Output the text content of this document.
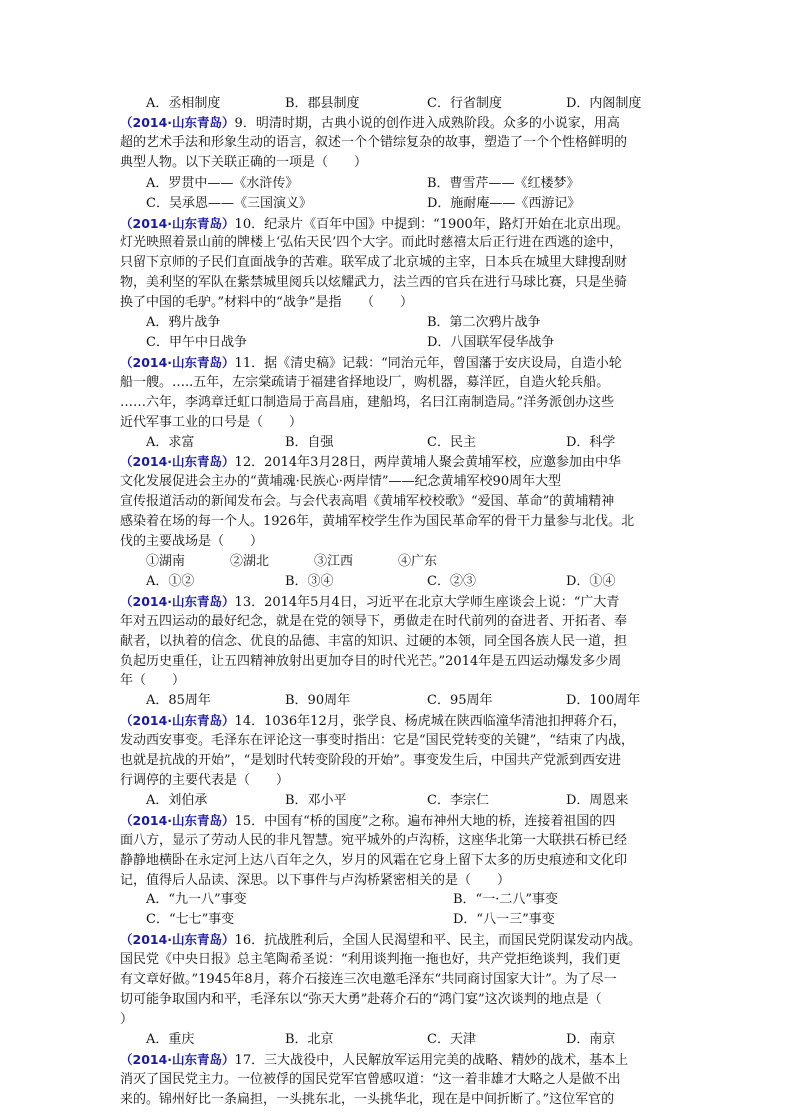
A．丞相制度	B．郡县制度	C．行省制度	D．内阁制度
（2014·山东青岛）9．明清时期，古典小说的创作进入成熟阶段。众多的小说家，用高
超的艺术手法和形象生动的语言，叙述一个个错综复杂的故事，塑造了一个个性格鲜明的
典型人物。以下关联正确的一项是（　　）
A．罗贯中——《水浒传》	B．曹雪芹——《红楼梦》
C．吴承恩——《三国演义》	D．施耐庵——《西游记》
（2014·山东青岛）10．纪录片《百年中国》中提到：“1900年，路灯开始在北京出现。
灯光映照着景山前的牌楼上‘弘佑天民’四个大字。而此时慈禧太后正行进在西逃的途中，
只留下京师的子民们直面战争的苦难。联军成了北京城的主宰，日本兵在城里大肆搜刮财
物，美利坚的军队在紫禁城里阅兵以炫耀武力，法兰西的官兵在进行马球比赛，只是坐骑
换了中国的毛驴。”材料中的“战争”是指　　（　　）
A．鸦片战争	B．第二次鸦片战争
C．甲午中日战争	D．八国联军侵华战争
（2014·山东青岛）11．据《清史稿》记载：“同治元年，曾国藩于安庆设局，自造小轮
船一艘。…..五年，左宗棠疏请于福建省择地设厂，购机器，募洋匠，自造火轮兵船。
……六年，李鸿章迁虹口制造局于高昌庙，建船坞，名曰江南制造局。”洋务派创办这些
近代军事工业的口号是（　　）
A．求富	B．自强	C．民主	D．科学
（2014·山东青岛）12．2014年3月28日，两岸黄埔人聚会黄埔军校，应邀参加由中华
文化发展促进会主办的“黄埔魂·民族心·两岸情”——纪念黄埔军校90周年大型
宣传报道活动的新闻发布会。与会代表高唱《黄埔军校校歌》“爱国、革命”的黄埔精神
感染着在场的每一个人。1926年，黄埔军校学生作为国民革命军的骨干力量参与北伐。北
伐的主要战场是（　　）
①湖南	②湖北	③江西	④广东
A．①②	B．③④	C．②③	D．①④
（2014·山东青岛）13．2014年5月4日，习近平在北京大学师生座谈会上说：“广大青
年对五四运动的最好纪念，就是在党的领导下，勇做走在时代前列的奋进者、开拓者、奉
献者，以执着的信念、优良的品德、丰富的知识、过硬的本领，同全国各族人民一道，担
负起历史重任，让五四精神放射出更加夺目的时代光芒。”2014年是五四运动爆发多少周
年（　　）
A．85周年	B．90周年	C．95周年	D．100周年
（2014·山东青岛）14．1036年12月，张学良、杨虎城在陕西临潼华清池扣押蒋介石，
发动西安事变。毛泽东在评论这一事变时指出：它是“国民党转变的关键”，“结束了内战，
也就是抗战的开始”，“是划时代转变阶段的开始”。事变发生后，中国共产党派到西安进
行调停的主要代表是（　　）
A．刘伯承	B．邓小平	C．李宗仁	D．周恩来
（2014·山东青岛）15．中国有“桥的国度”之称。遍布神州大地的桥，连接着祖国的四
面八方，显示了劳动人民的非凡智慧。宛平城外的卢沟桥，这座华北第一大联拱石桥已经
静静地横卧在永定河上达八百年之久，岁月的风霜在它身上留下太多的历史痕迹和文化印
记，值得后人品读、深思。以下事件与卢沟桥紧密相关的是（　　）
A．“九一八”事变	B．“一·二八”事变
C．“七七”事变	D．“八一三”事变
（2014·山东青岛）16．抗战胜利后，全国人民渴望和平、民主，而国民党阴谋发动内战。
国民党《中央日报》总主笔陶希圣说：“利用谈判拖一拖也好，共产党拒绝谈判，我们更
有文章好做。”1945年8月，蒋介石接连三次电邀毛泽东“共同商讨国家大计”。为了尽一
切可能争取国内和平，毛泽东以“弥天大勇”赴蒋介石的“鸿门宴”这次谈判的地点是（
）
A．重庆	B．北京	C．天津	D．南京
（2014·山东青岛）17．三大战役中，人民解放军运用完美的战略、精妙的战术，基本上
消灭了国民党主力。一位被俘的国民党军官曾感叹道：“这一着非雄才大略之人是做不出
来的。锦州好比一条扁担，一头挑东北，一头挑华北，现在是中间折断了。”这位军官的
